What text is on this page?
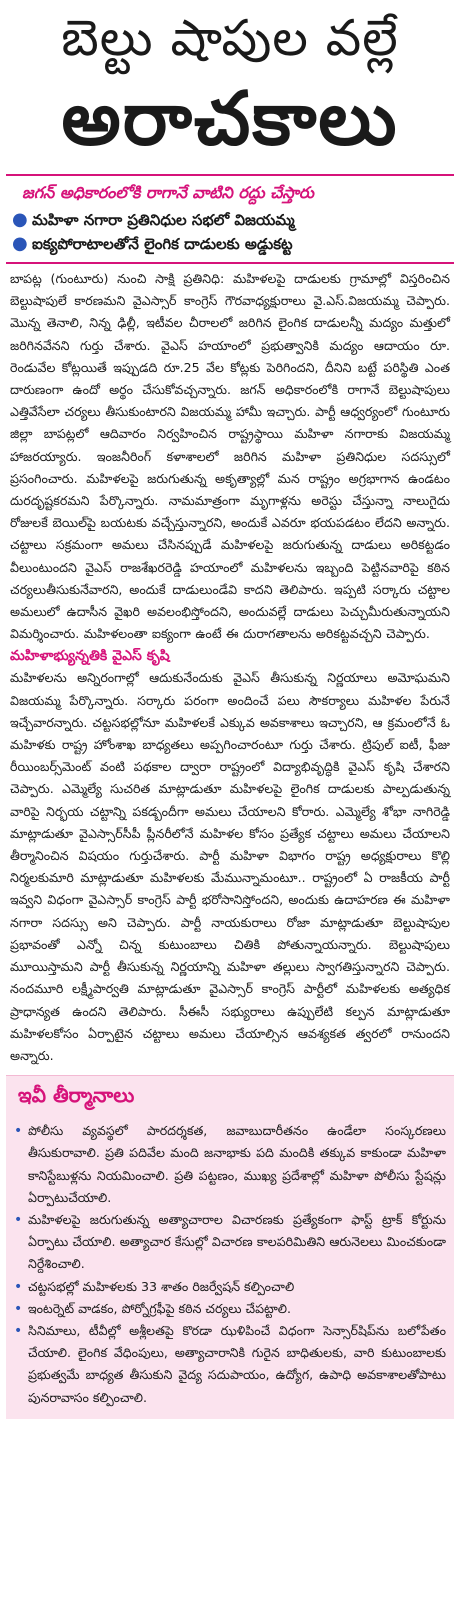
బెల్టు షాపుల వల్లే
అరాచకాలు
జగన్ అధికారంలోకి రాగానే వాటిని రద్దు చేస్తారు
● మహిళా నగారా ప్రతినిధుల సభలో విజయమ్మ
● ఐక్యపోరాటాలతోనే లైంగిక దాడులకు అడ్డుకట్ట

బాపట్ల (గుంటూరు) నుంచి సాక్షి ప్రతినిధి: మహిళలపై దాడులకు గ్రామాల్లో విస్తరించిన బెల్టుషాపులే కారణమని వైఎస్సార్ కాంగ్రెస్ గౌరవాధ్యక్షురాలు వై.ఎస్.విజయమ్మ చెప్పారు. మొన్న తెనాలి, నిన్న ఢిల్లీ, ఇటీవల చీరాలలో జరిగిన లైంగిక దాడులన్నీ మద్యం మత్తులో జరిగినవేనని గుర్తు చేశారు. వైఎస్ హయాంలో ప్రభుత్వానికి మద్యం ఆదాయం రూ. రెండువేల కోట్లయితే ఇప్పుడది రూ.25 వేల కోట్లకు పెరిగిందని, దీనిని బట్టే పరిస్థితి ఎంత దారుణంగా ఉందో అర్థం చేసుకోవచ్చన్నారు. జగన్ అధికారంలోకి రాగానే బెల్టుషాపులు ఎత్తివేసేలా చర్యలు తీసుకుంటారని విజయమ్మ హామీ ఇచ్చారు. పార్టీ ఆధ్వర్యంలో గుంటూరు జిల్లా బాపట్లలో ఆదివారం నిర్వహించిన రాష్ట్రస్థాయి మహిళా నగారాకు విజయమ్మ హాజరయ్యారు. ఇంజనీరింగ్ కళాశాలలో జరిగిన మహిళా ప్రతినిధుల సదస్సులో ప్రసంగించారు. మహిళలపై జరుగుతున్న అకృత్యాల్లో మన రాష్ట్రం అగ్రభాగాన ఉండటం దురదృష్టకరమని పేర్కొన్నారు. నామమాత్రంగా మృగాళ్లను అరెస్టు చేస్తున్నా నాలుగైదు రోజులకే బెయిల్‌పై బయటకు వచ్చేస్తున్నారని, అందుకే ఎవరూ భయపడటం లేదని అన్నారు. చట్టాలు సక్రమంగా అమలు చేసినప్పుడే మహిళలపై జరుగుతున్న దాడులు అరికట్టడం వీలుంటుందని వైఎస్ రాజశేఖరరెడ్డి హయాంలో మహిళలను ఇబ్బంది పెట్టినవారిపై కఠిన చర్యలుతీసుకునేవారని, అందుకే దాడులుండేవి కాదని తెలిపారు. ఇప్పటి సర్కారు చట్టాల అమలులో ఉదాసీన వైఖరి అవలంభిస్తోందని, అందువల్లే దాడులు పెచ్చుమీరుతున్నాయని విమర్శించారు. మహిళలంతా ఐక్యంగా ఉంటే ఈ దురాగతాలను అరికట్టవచ్చని చెప్పారు.

మహిళాభ్యున్నతికి వైఎస్ కృషి

మహిళలను అన్నిరంగాల్లో ఆదుకునేందుకు వైఎస్ తీసుకున్న నిర్ణయాలు అమోఘమని విజయమ్మ పేర్కొన్నారు. సర్కారు పరంగా అందించే పలు సౌకర్యాలు మహిళల పేరునే ఇచ్చేవారన్నారు. చట్టసభల్లోనూ మహిళలకే ఎక్కువ అవకాశాలు ఇచ్చారని, ఆ క్రమంలోనే ఓ మహిళకు రాష్ట్ర హోంశాఖ బాధ్యతలు అప్పగించారంటూ గుర్తు చేశారు. ట్రిపుల్ ఐటీ, ఫీజు రీయింబర్స్‌మెంట్ వంటి పథకాల ద్వారా రాష్ట్రంలో విద్యాభివృద్ధికి వైఎస్ కృషి చేశారని చెప్పారు. ఎమ్మెల్యే సుచరిత మాట్లాడుతూ మహిళలపై లైంగిక దాడులకు పాల్పడుతున్న వారిపై నిర్భయ చట్టాన్ని పకడ్బందీగా అమలు చేయాలని కోరారు. ఎమ్మెల్యే శోభా నాగిరెడ్డి మాట్లాడుతూ వైఎస్సార్‌సీపీ ప్లీనరీలోనే మహిళల కోసం ప్రత్యేక చట్టాలు అమలు చేయాలని తీర్మానించిన విషయం గుర్తుచేశారు. పార్టీ మహిళా విభాగం రాష్ట్ర అధ్యక్షురాలు కొల్లి నిర్మలకుమారి మాట్లాడుతూ మహిళలకు మేమున్నామంటూ.. రాష్ట్రంలో ఏ రాజకీయ పార్టీ ఇవ్వని విధంగా వైఎస్సార్ కాంగ్రెస్ పార్టీ భరోసానిస్తోందని, అందుకు ఉదాహరణ ఈ మహిళా నగారా సదస్సు అని చెప్పారు. పార్టీ నాయకురాలు రోజా మాట్లాడుతూ బెల్టుషాపుల ప్రభావంతో ఎన్నో చిన్న కుటుంబాలు చితికి పోతున్నాయన్నారు. బెల్టుషాపులు మూయిస్తామని పార్టీ తీసుకున్న నిర్ణయాన్ని మహిళా తల్లులు స్వాగతిస్తున్నారని చెప్పారు. నందమూరి లక్ష్మీపార్వతి మాట్లాడుతూ వైఎస్సార్ కాంగ్రెస్ పార్టీలో మహిళలకు అత్యధిక ప్రాధాన్యత ఉందని తెలిపారు. సీఈసీ సభ్యురాలు ఉప్పులేటి కల్పన మాట్లాడుతూ మహిళలకోసం ఏర్పాటైన చట్టాలు అమలు చేయాల్సిన ఆవశ్యకత త్వరలో రానుందని అన్నారు.

ఇవీ తీర్మానాలు
• పోలీసు వ్యవస్థలో పారదర్శకత, జవాబుదారీతనం ఉండేలా సంస్కరణలు తీసుకురావాలి. ప్రతి పదివేల మంది జనాభాకు పది మందికి తక్కువ కాకుండా మహిళా కానిస్టేబుళ్లను నియమించాలి. ప్రతి పట్టణం, ముఖ్య ప్రదేశాల్లో మహిళా పోలీసు స్టేషన్లు ఏర్పాటుచేయాలి.
• మహిళలపై జరుగుతున్న అత్యాచారాల విచారణకు ప్రత్యేకంగా ఫాస్ట్ ట్రాక్ కోర్టును ఏర్పాటు చేయాలి. అత్యాచార కేసుల్లో విచారణ కాలపరిమితిని ఆరునెలలు మించకుండా నిర్దేశించాలి.
• చట్టసభల్లో మహిళలకు 33 శాతం రిజర్వేషన్ కల్పించాలి
• ఇంటర్నెట్ వాడకం, పోర్నోగ్రఫీపై కఠిన చర్యలు చేపట్టాలి.
• సినిమాలు, టీవీల్లో అశ్లీలతపై కొరడా ఝళిపించే విధంగా సెన్సార్‌షిప్‌ను బలోపేతం చేయాలి. లైంగిక వేధింపులు, అత్యాచారానికి గురైన బాధితులకు, వారి కుటుంబాలకు ప్రభుత్వమే బాధ్యత తీసుకుని వైద్య సదుపాయం, ఉద్యోగ, ఉపాధి అవకాశాలతోపాటు పునరావాసం కల్పించాలి.
